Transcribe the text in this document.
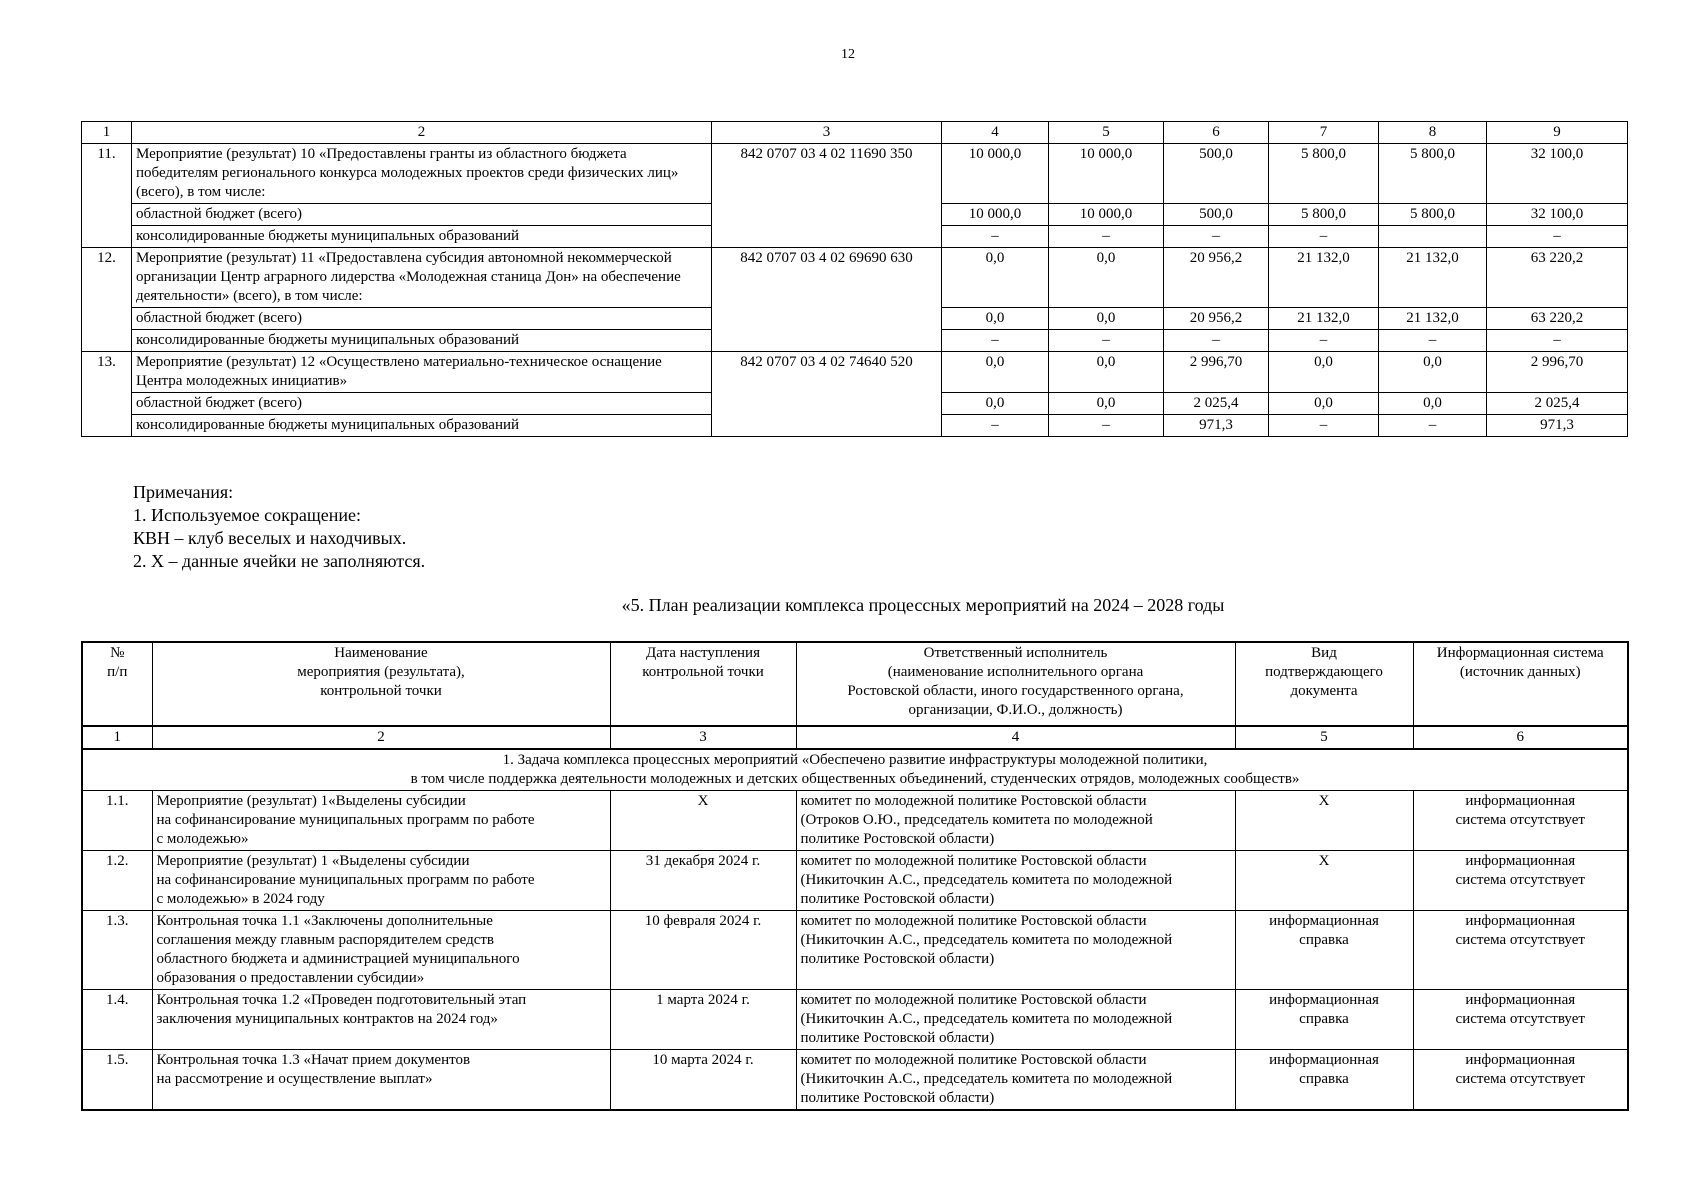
12
1	2	3	4	5	6	7	8	9
11.	Мероприятие (результат) 10 «Предоставлены гранты из областного бюджета победителям регионального конкурса молодежных проектов среди физических лиц» (всего), в том числе:	842 0707 03 4 02 11690 350	10 000,0	10 000,0	500,0	5 800,0	5 800,0	32 100,0
	областной бюджет (всего)		10 000,0	10 000,0	500,0	5 800,0	5 800,0	32 100,0
	консолидированные бюджеты муниципальных образований		–	–	–	–		–
12.	Мероприятие (результат) 11 «Предоставлена субсидия автономной некоммерческой организации Центр аграрного лидерства «Молодежная станица Дон» на обеспечение деятельности» (всего), в том числе:	842 0707 03 4 02 69690 630	0,0	0,0	20 956,2	21 132,0	21 132,0	63 220,2
	областной бюджет (всего)		0,0	0,0	20 956,2	21 132,0	21 132,0	63 220,2
	консолидированные бюджеты муниципальных образований		–	–	–	–	–	–
13.	Мероприятие (результат) 12 «Осуществлено материально-техническое оснащение Центра молодежных инициатив»	842 0707 03 4 02 74640 520	0,0	0,0	2 996,70	0,0	0,0	2 996,70
	областной бюджет (всего)		0,0	0,0	2 025,4	0,0	0,0	2 025,4
	консолидированные бюджеты муниципальных образований		–	–	971,3	–	–	971,3
Примечания:
1. Используемое сокращение:
КВН – клуб веселых и находчивых.
2. Х – данные ячейки не заполняются.
«5. План реализации комплекса процессных мероприятий на 2024 – 2028 годы
№
п/п	Наименование
мероприятия (результата),
контрольной точки	Дата наступления
контрольной точки	Ответственный исполнитель
(наименование исполнительного органа
Ростовской области, иного государственного органа,
организации, Ф.И.О., должность)	Вид
подтверждающего
документа	Информационная система
(источник данных)
1	2	3	4	5	6
1. Задача комплекса процессных мероприятий «Обеспечено развитие инфраструктуры молодежной политики,
в том числе поддержка деятельности молодежных и детских общественных объединений, студенческих отрядов, молодежных сообществ»					
1.1.	Мероприятие (результат) 1«Выделены субсидии
на софинансирование муниципальных программ по работе
с молодежью»	Х	комитет по молодежной политике Ростовской области
(Отроков О.Ю., председатель комитета по молодежной
политике Ростовской области)	Х	информационная
система отсутствует
1.2.	Мероприятие (результат) 1 «Выделены субсидии
на софинансирование муниципальных программ по работе
с молодежью» в 2024 году	31 декабря 2024 г.	комитет по молодежной политике Ростовской области
(Никиточкин А.С., председатель комитета по молодежной
политике Ростовской области)	Х	информационная
система отсутствует
1.3.	Контрольная точка 1.1 «Заключены дополнительные
соглашения между главным распорядителем средств
областного бюджета и администрацией муниципального
образования о предоставлении субсидии»	10 февраля 2024 г.	комитет по молодежной политике Ростовской области
(Никиточкин А.С., председатель комитета по молодежной
политике Ростовской области)	информационная
справка	информационная
система отсутствует
1.4.	Контрольная точка 1.2 «Проведен подготовительный этап
заключения муниципальных контрактов на 2024 год»	1 марта 2024 г.	комитет по молодежной политике Ростовской области
(Никиточкин А.С., председатель комитета по молодежной
политике Ростовской области)	информационная
справка	информационная
система отсутствует
1.5.	Контрольная точка 1.3 «Начат прием документов
на рассмотрение и осуществление выплат»	10 марта 2024 г.	комитет по молодежной политике Ростовской области
(Никиточкин А.С., председатель комитета по молодежной
политике Ростовской области)	информационная
справка	информационная
система отсутствует
